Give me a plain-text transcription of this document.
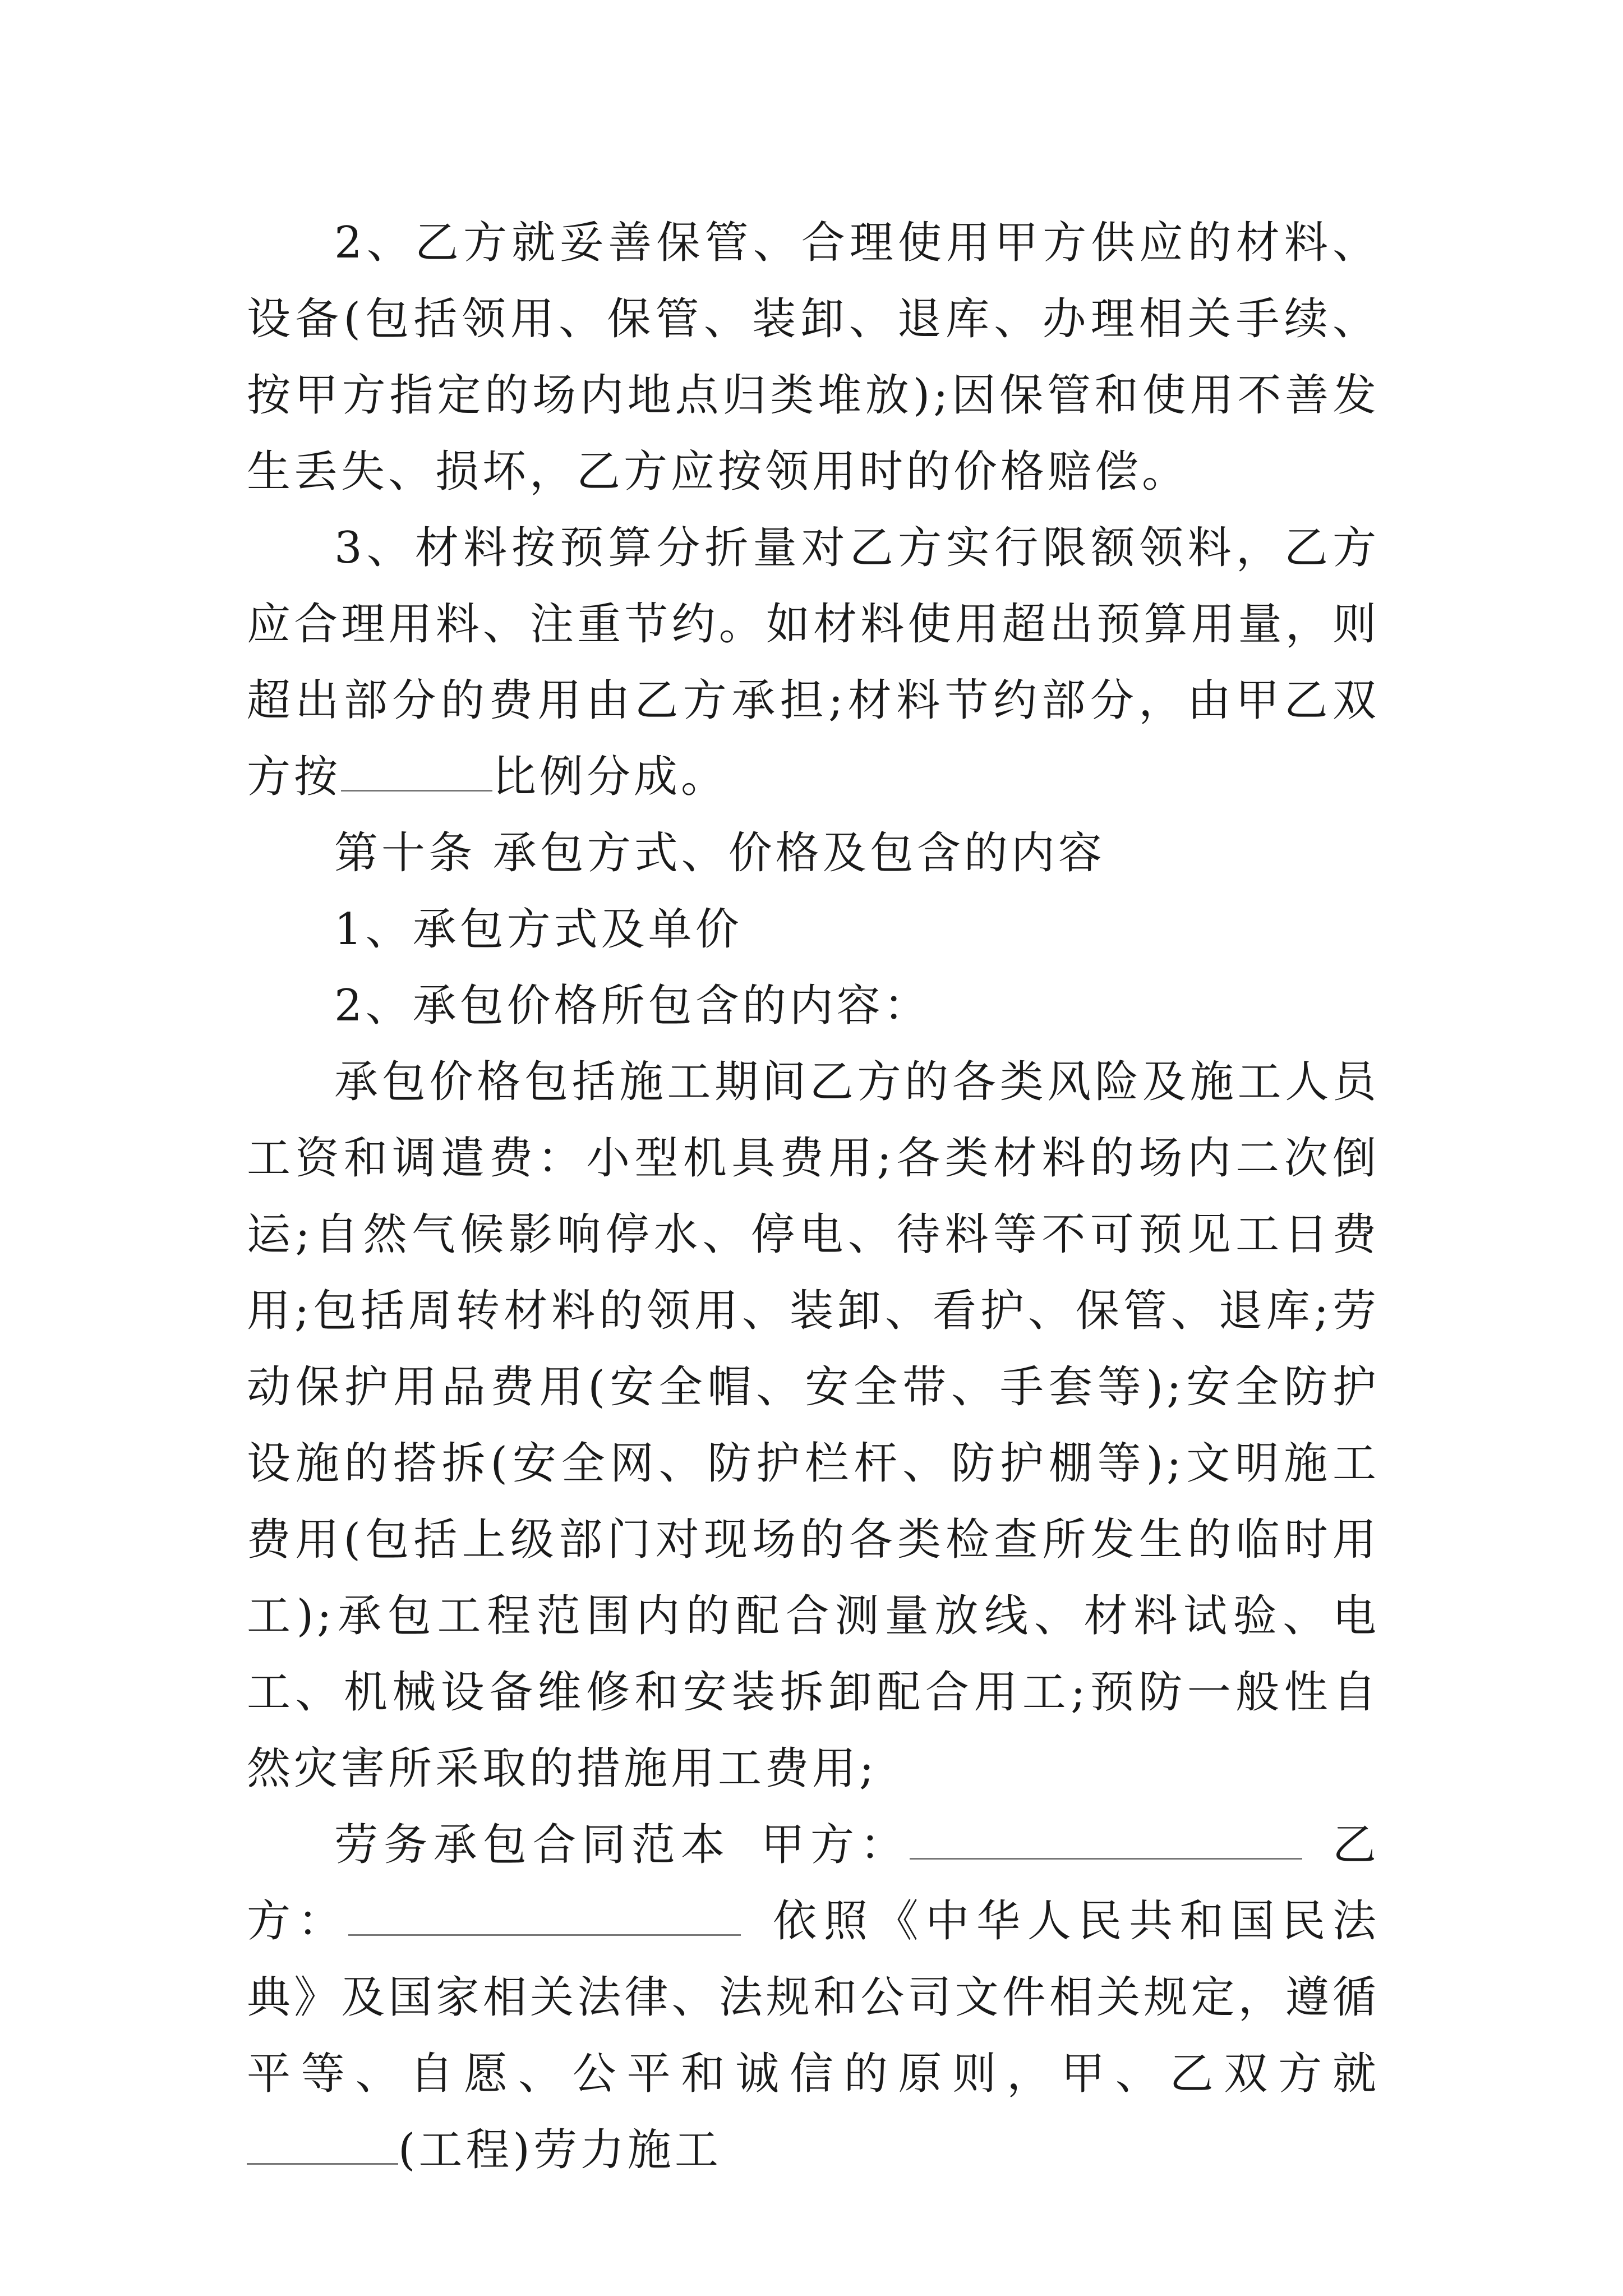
2、乙方就妥善保管、合理使用甲方供应的材料、设备(包括领用、保管、装卸、退库、办理相关手续、按甲方指定的场内地点归类堆放);因保管和使用不善发生丢失、损坏，乙方应按领用时的价格赔偿。

3、材料按预算分折量对乙方实行限额领料，乙方应合理用料、注重节约。如材料使用超出预算用量，则超出部分的费用由乙方承担;材料节约部分，由甲乙双方按	比例分成。

第十条 承包方式、价格及包含的内容

1、承包方式及单价

2、承包价格所包含的内容：

承包价格包括施工期间乙方的各类风险及施工人员工资和调遣费：小型机具费用;各类材料的场内二次倒运;自然气候影响停水、停电、待料等不可预见工日费用;包括周转材料的领用、装卸、看护、保管、退库;劳动保护用品费用(安全帽、安全带、手套等);安全防护设施的搭拆(安全网、防护栏杆、防护棚等);文明施工费用(包括上级部门对现场的各类检查所发生的临时用工);承包工程范围内的配合测量放线、材料试验、电工、机械设备维修和安装拆卸配合用工;预防一般性自然灾害所采取的措施用工费用;

劳务承包合同范本 甲方：	乙方：	依照《中华人民共和国民法典》及国家相关法律、法规和公司文件相关规定，遵循平等、自愿、公平和诚信的原则，甲、乙双方就(工程)劳力施工
